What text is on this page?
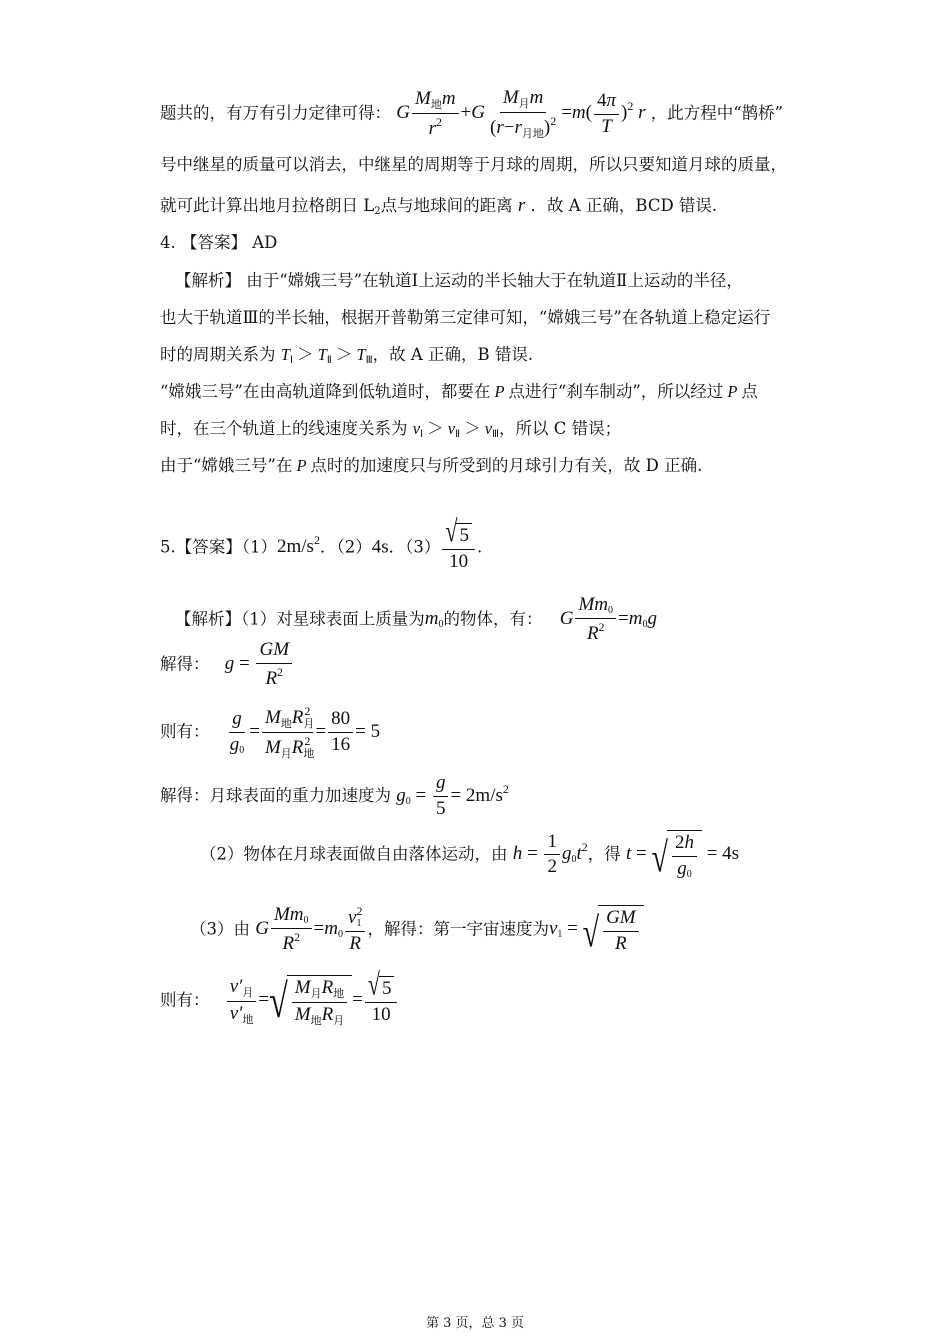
题共的，有万有引力定律可得： G $\frac{M_地m}{r^2} +G \frac{M_月m}{(r-r_{月地})^2} =m( \frac{4\pi}{T} )^2$ r ，此方程中“鹊桥”
号中继星的质量可以消去，中继星的周期等于月球的周期，所以只要知道月球的质量，
就可此计算出地月拉格朗日 L2点与地球间的距离 r ．故 A 正确，BCD 错误.
4. 【答案】 AD
【解析】 由于“嫦娥三号”在轨道Ⅰ上运动的半长轴大于在轨道Ⅱ上运动的半径，
也大于轨道Ⅲ的半长轴，根据开普勒第三定律可知，“嫦娥三号”在各轨道上稳定运行
时的周期关系为 TⅠ ＞ TⅡ ＞ TⅢ，故 A 正确，B 错误.
“嫦娥三号”在由高轨道降到低轨道时，都要在 P 点进行“刹车制动”，所以经过 P 点
时，在三个轨道上的线速度关系为 vⅠ ＞ vⅡ ＞ vⅢ，所以 C 错误；
由于“嫦娥三号”在 P 点时的加速度只与所受到的月球引力有关，故 D 正确.
5.【答案】$(1)2m/s^2$．（2）4s．$(3) \frac{√ 5}{10}$ .
【解析】（1）对星球表面上质量为m0的物体，有： G $\frac{Mm0}{R^2} =m0g$
解得： $g = \frac{GM}{R^2}$
则有： $\frac{g}{g0} = \frac{M_地R_月^2}{M_月R_地^2} = \frac{80}{16} = 5$
解得：月球表面的重力加速度为 $g0 = \frac{g}{5} = 2m/s^2$
（2）物体在月球表面做自由落体运动，由 $h = \frac{1}{2} g0t^2$，得 t = √ $\frac{2h}{g0} = 4s$
（3）由 G $\frac{Mm0}{R^2} =m0 \frac{v1^2}{R}$ ，解得：第一宇宙速度为v1 = √ $\frac{GM}{R}$
则有： $\frac{v'_月}{v'_地}$ = √ $\frac{M_月R_地}{M_地R_月} = \frac{√ 5}{10}$
第 3 页，总 3 页
